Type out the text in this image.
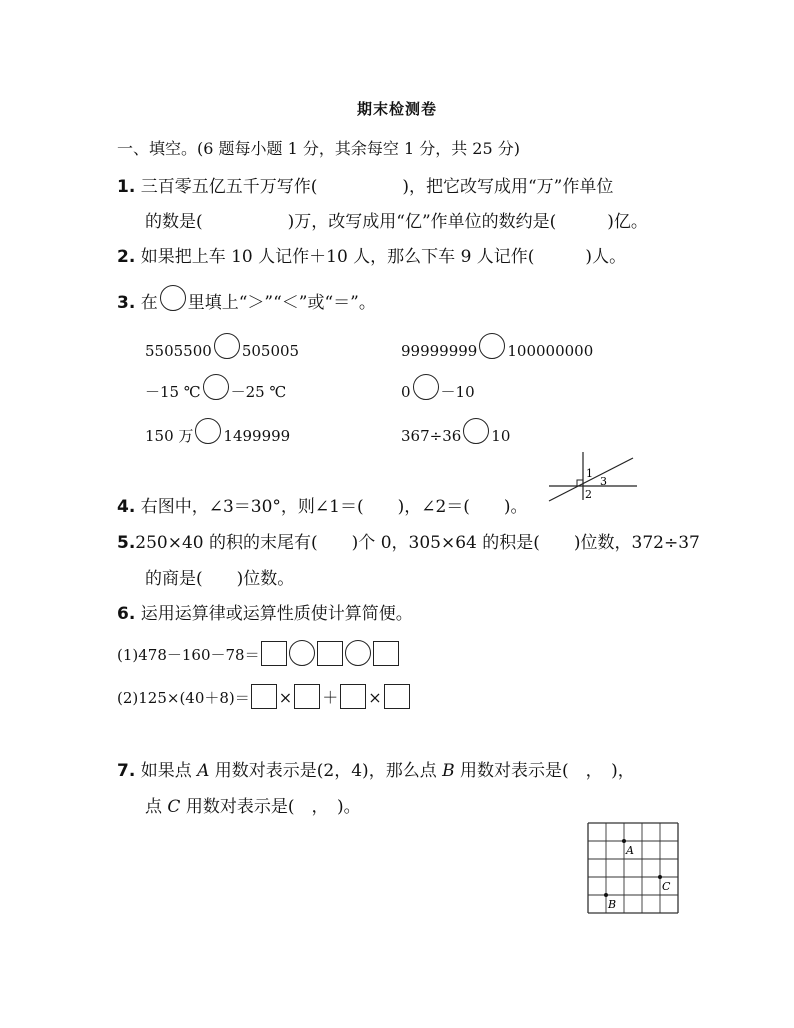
期末检测卷
一、填空。(6 题每小题 1 分，其余每空 1 分，共 25 分)
1. 三百零五亿五千万写作(　　　　　)，把它改写成用“万”作单位
的数是(　　　　　)万，改写成用“亿”作单位的数约是(　　　)亿。
2. 如果把上车 10 人记作＋10 人，那么下车 9 人记作(　　　)人。
3. 在 里填上“＞”“＜”或“＝”。
5505500 505005	99999999 100000000
－15 ℃ －25 ℃	0 －10
150 万 1499999	367÷36 10
4. 右图中，∠3＝30°，则∠1＝(　　)，∠2＝(　　)。
1
3
2
5.250×40 的积的末尾有(　　)个 0，305×64 的积是(　　)位数，372÷37
的商是(　　)位数。
6. 运用运算律或运算性质使计算简便。
(1)478－160－78＝
(2)125×(40＋8)＝ × ＋ ×
7. 如果点 A 用数对表示是(2，4)，那么点 B 用数对表示是(　，　)，
点 C 用数对表示是(　，　)。
A
B
C
